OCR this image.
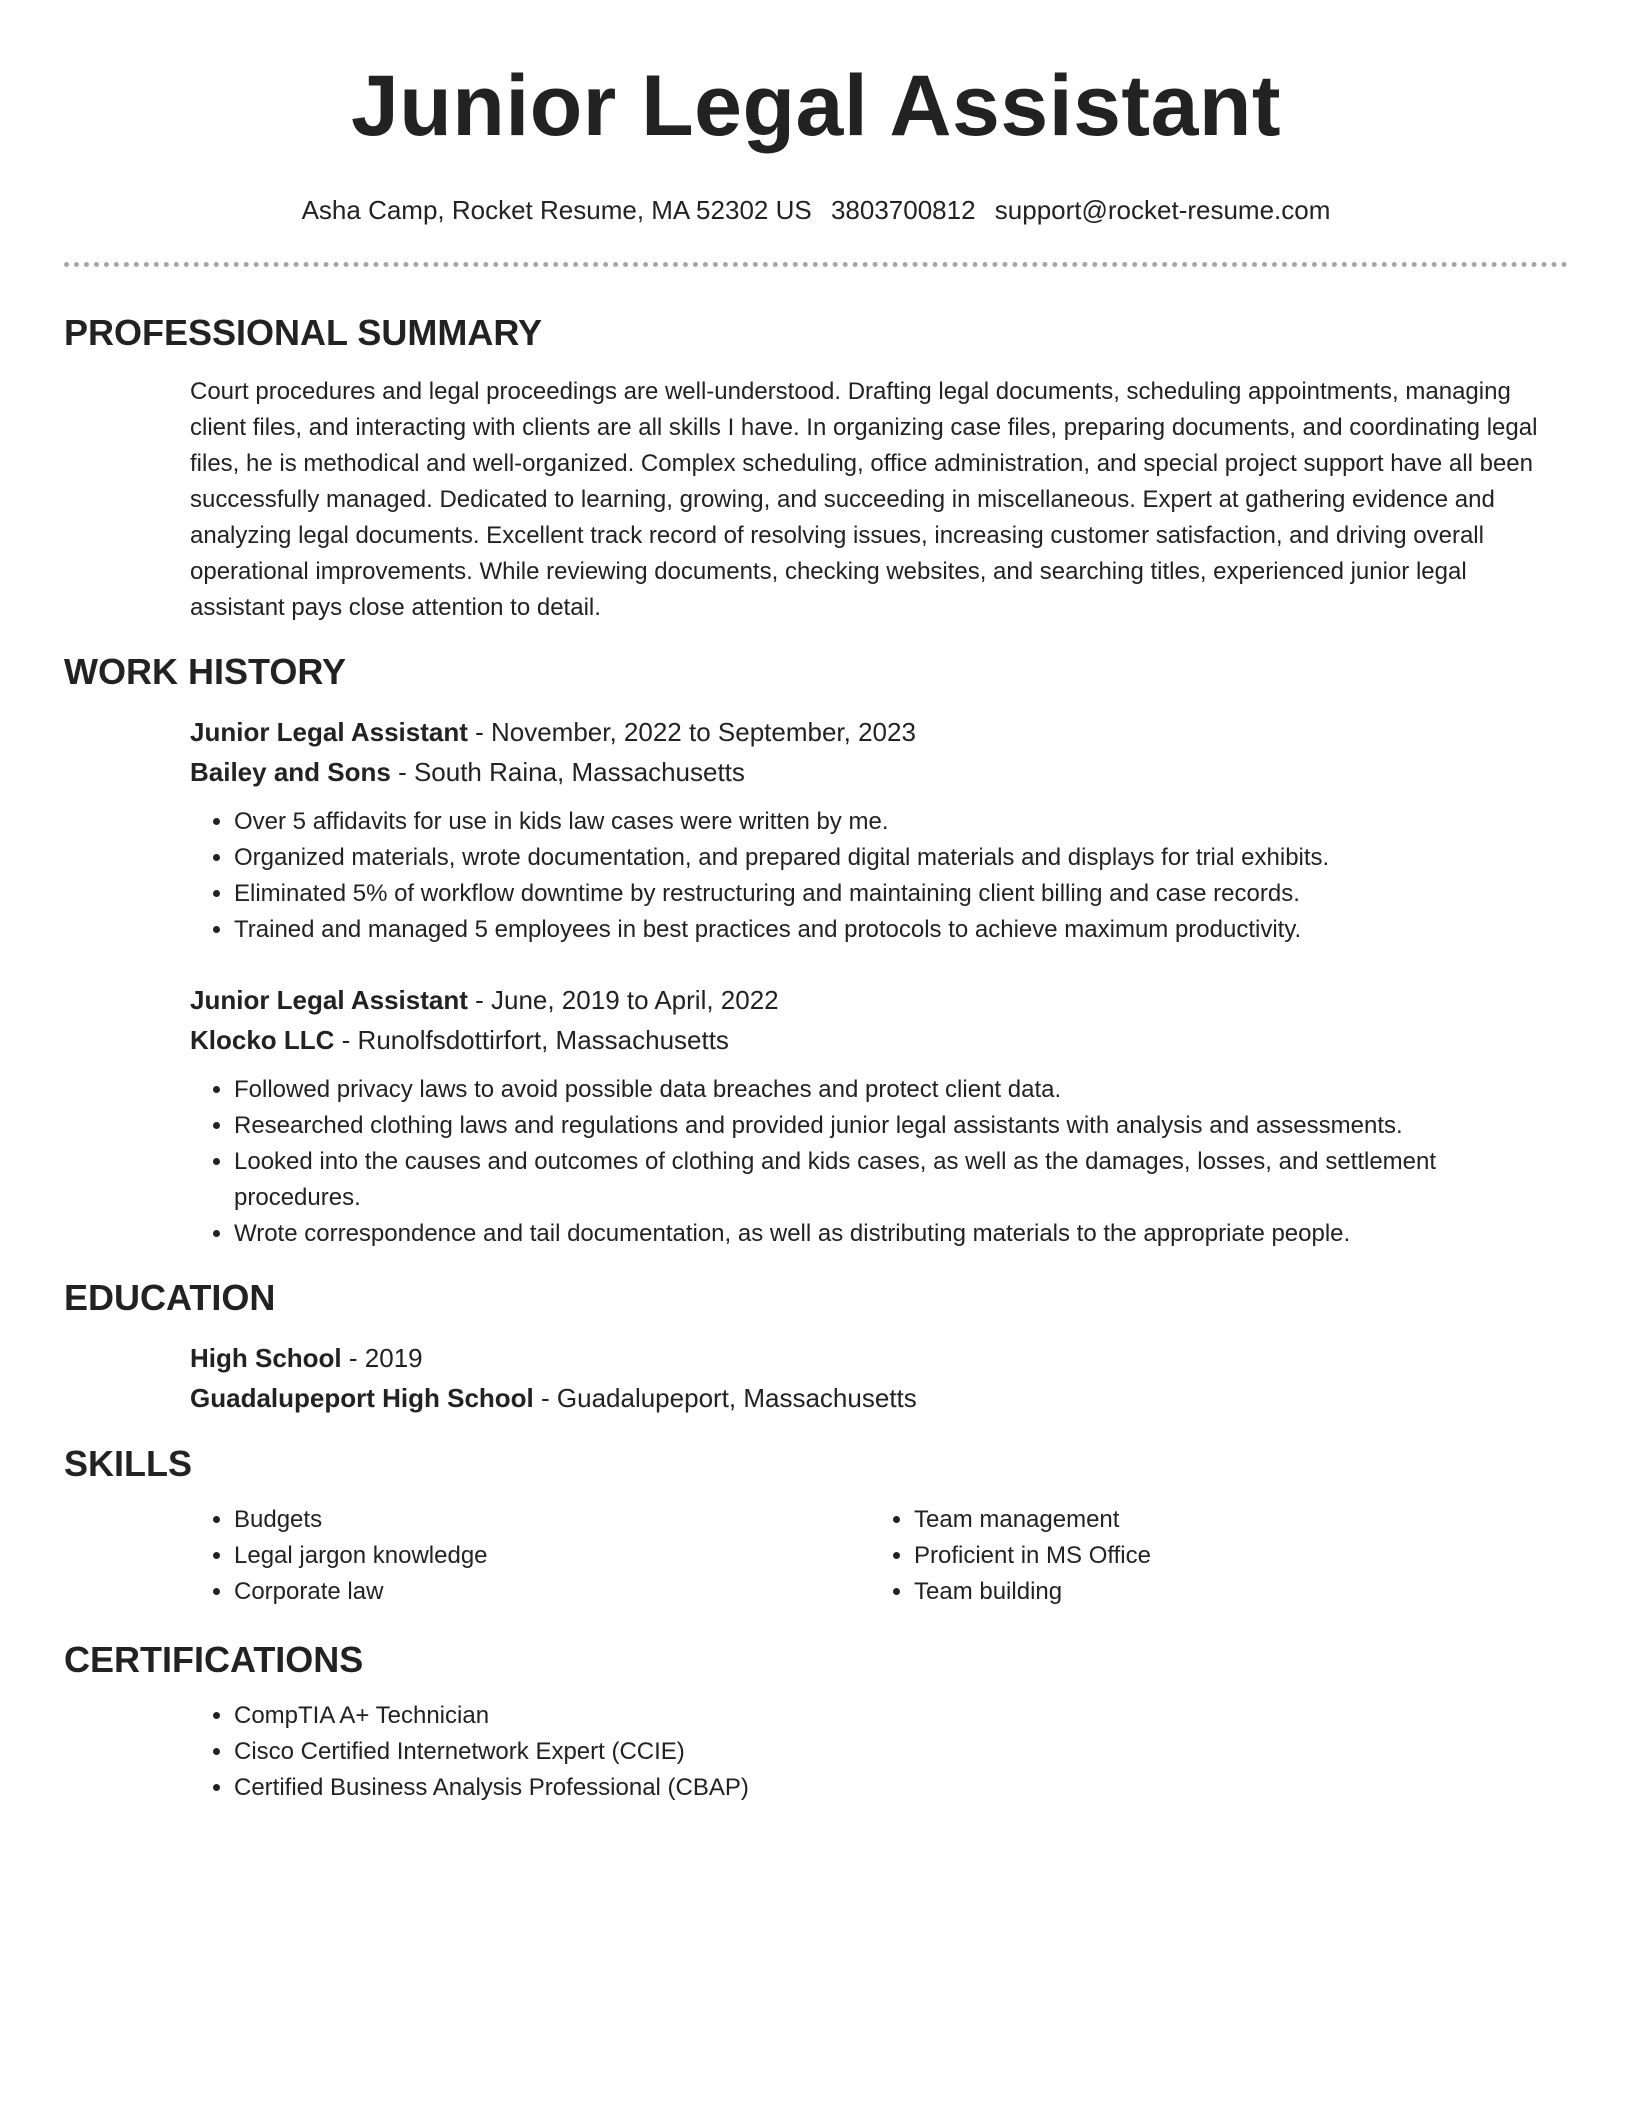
Junior Legal Assistant
Asha Camp, Rocket Resume, MA 52302 US 3803700812 support@rocket-resume.com
PROFESSIONAL SUMMARY

Court procedures and legal proceedings are well-understood. Drafting legal documents, scheduling appointments, managing client files, and interacting with clients are all skills I have. In organizing case files, preparing documents, and coordinating legal files, he is methodical and well-organized. Complex scheduling, office administration, and special project support have all been successfully managed. Dedicated to learning, growing, and succeeding in miscellaneous. Expert at gathering evidence and analyzing legal documents. Excellent track record of resolving issues, increasing customer satisfaction, and driving overall operational improvements. While reviewing documents, checking websites, and searching titles, experienced junior legal assistant pays close attention to detail.

WORK HISTORY
Junior Legal Assistant - November, 2022 to September, 2023
Bailey and Sons - South Raina, Massachusetts
• Over 5 affidavits for use in kids law cases were written by me.
• Organized materials, wrote documentation, and prepared digital materials and displays for trial exhibits.
• Eliminated 5% of workflow downtime by restructuring and maintaining client billing and case records.
• Trained and managed 5 employees in best practices and protocols to achieve maximum productivity.
Junior Legal Assistant - June, 2019 to April, 2022
Klocko LLC - Runolfsdottirfort, Massachusetts
• Followed privacy laws to avoid possible data breaches and protect client data.
• Researched clothing laws and regulations and provided junior legal assistants with analysis and assessments.
• Looked into the causes and outcomes of clothing and kids cases, as well as the damages, losses, and settlement procedures.
• Wrote correspondence and tail documentation, as well as distributing materials to the appropriate people.
EDUCATION
High School - 2019
Guadalupeport High School - Guadalupeport, Massachusetts
SKILLS
• Budgets
• Legal jargon knowledge
• Corporate law
• Team management
• Proficient in MS Office
• Team building
CERTIFICATIONS
• CompTIA A+ Technician
• Cisco Certified Internetwork Expert (CCIE)
• Certified Business Analysis Professional (CBAP)
